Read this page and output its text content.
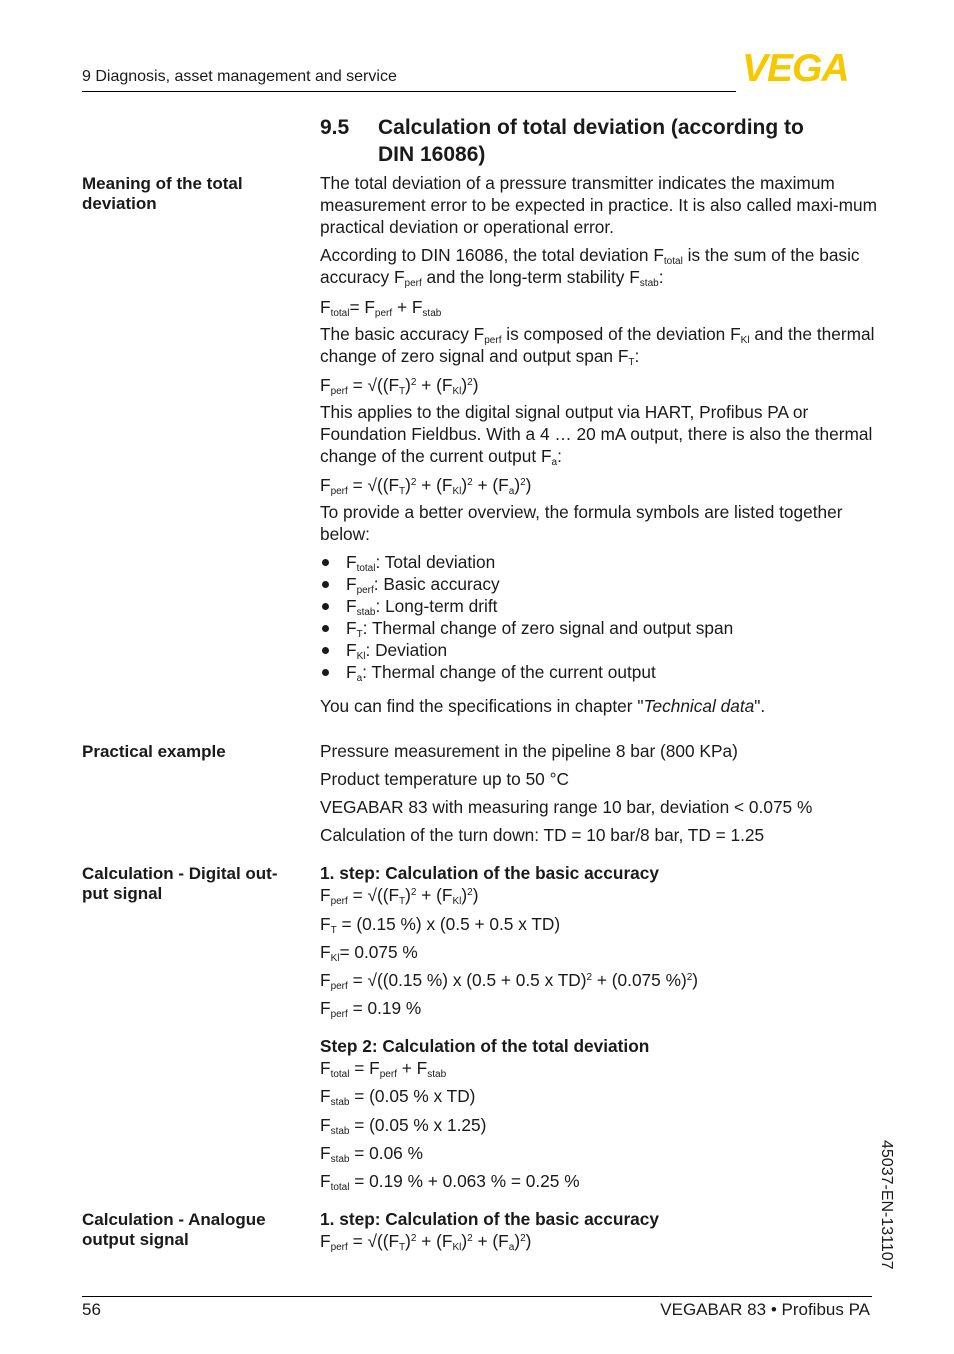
9 Diagnosis, asset management and service	VEGA
9.5 Calculation of total deviation (according to
DIN 16086)
Meaning of the total deviation
The total deviation of a pressure transmitter indicates the maximum measurement error to be expected in practice. It is also called maxi-mum practical deviation or operational error.
According to DIN 16086, the total deviation $F_{total}$ is the sum of the basic accuracy $F_{perf}$ and the long-term stability $F_{stab}$:
$F_{total}= F_{perf} + F_{stab}$
The basic accuracy $F_{perf}$ is composed of the deviation $F_{Kl}$ and the thermal change of zero signal and output span $F_T$:
$F_{perf} = √((F_T)^2 + (F_{Kl})^2)$
This applies to the digital signal output via HART, Profibus PA or Foundation Fieldbus. With a 4 … 20 mA output, there is also the thermal change of the current output $F_a$:
$F_{perf} = √((F_T)^2 + (F_{Kl})^2 + (F_a)^2)$
To provide a better overview, the formula symbols are listed together below:
$F_{total}$: Total deviation
$F_{perf}$: Basic accuracy
$F_{stab}$: Long-term drift
$F_T$: Thermal change of zero signal and output span
$F_{Kl}$: Deviation
$F_a$: Thermal change of the current output
You can find the specifications in chapter "Technical data".
Practical example	Pressure measurement in the pipeline 8 bar (800 KPa)
Product temperature up to 50 °C
VEGABAR 83 with measuring range 10 bar, deviation < 0.075 %
Calculation of the turn down: TD = 10 bar/8 bar, TD = 1.25
Calculation - Digital out-put signal
1. step: Calculation of the basic accuracy
$F_{perf} = √((F_T)^2 + (F_{Kl})^2)$
$F_T = (0.15$ %) x (0.5 + 0.5 x TD)
$F_{Kl}= 0.075$ %
$F_{perf} = √((0.15$ %) x (0.5 + 0.5 x TD)$^2$ + (0.075 %)$^2$)
$F_{perf} = 0.19$ %
Step 2: Calculation of the total deviation
$F_{total} = F_{perf} + F_{stab}$
$F_{stab} = (0.05$ % x TD)
$F_{stab} = (0.05$ % x 1.25)
$F_{stab} = 0.06$ %
$F_{total} = 0.19$ % + 0.063 % = 0.25 %
Calculation - Analogue output signal
1. step: Calculation of the basic accuracy
$F_{perf} = √((F_T)^2 + (F_{Kl})^2 + (F_a)^2)$	45037-EN-131107
56	VEGABAR 83 • Profibus PA
